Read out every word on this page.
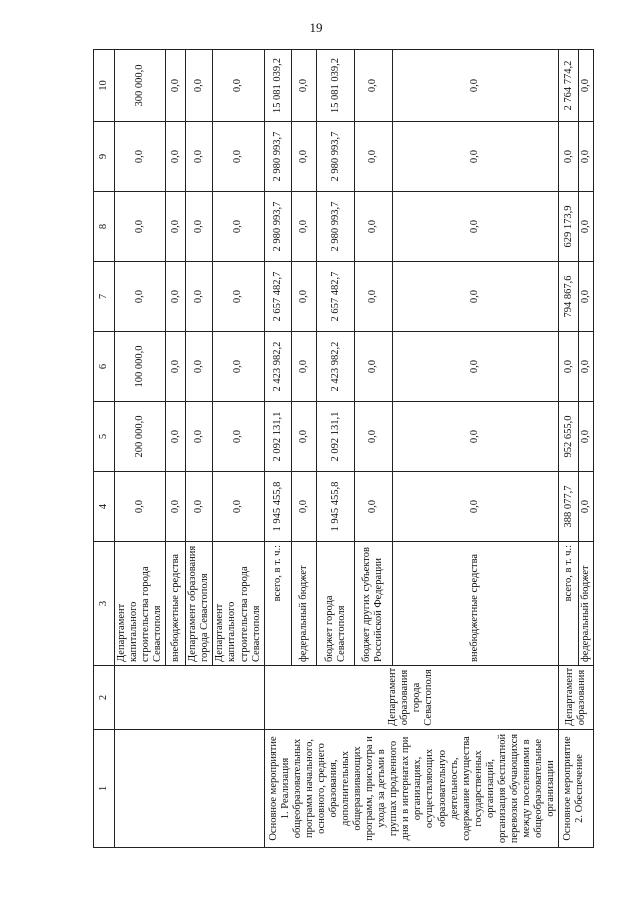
19
1	2	3	4	5	6	7	8	9	10
		Департамент капитального строительства города Севастополя	0,0	200 000,0	100 000,0	0,0	0,0	0,0	300 000,0
		внебюджетные средства	0,0	0,0	0,0	0,0	0,0	0,0	0,0
		Департамент образования города Севастополя	0,0	0,0	0,0	0,0	0,0	0,0	0,0
		Департамент капитального строительства города Севастополя	0,0	0,0	0,0	0,0	0,0	0,0	0,0
Основное мероприятие 1. Реализация общеобразовательных программ начального, основного, среднего образования, дополнительных общеразвивающих программ, присмотра и ухода за детьми в группах продленного дня и в интернатах при организациях, осуществляющих образовательную деятельность, содержание имущества государственных организаций, организация бесплатной перевозки обучающихся между поселениями в общеобразовательные организации	Департамент образования города Севастополя	всего, в т. ч.:	1 945 455,8	2 092 131,1	2 423 982,2	2 657 482,7	2 980 993,7	2 980 993,7	15 081 039,2
		федеральный бюджет	0,0	0,0	0,0	0,0	0,0	0,0	0,0
		бюджет города Севастополя	1 945 455,8	2 092 131,1	2 423 982,2	2 657 482,7	2 980 993,7	2 980 993,7	15 081 039,2
		бюджет других субъектов Российской Федерации	0,0	0,0	0,0	0,0	0,0	0,0	0,0
		внебюджетные средства	0,0	0,0	0,0	0,0	0,0	0,0	0,0
Основное мероприятие 2. Обеспечение	Департамент образования	всего, в т. ч.:	388 077,7	952 655,0	0,0	794 867,6	629 173,9	0,0	2 764 774,2
		федеральный бюджет	0,0	0,0	0,0	0,0	0,0	0,0	0,0
